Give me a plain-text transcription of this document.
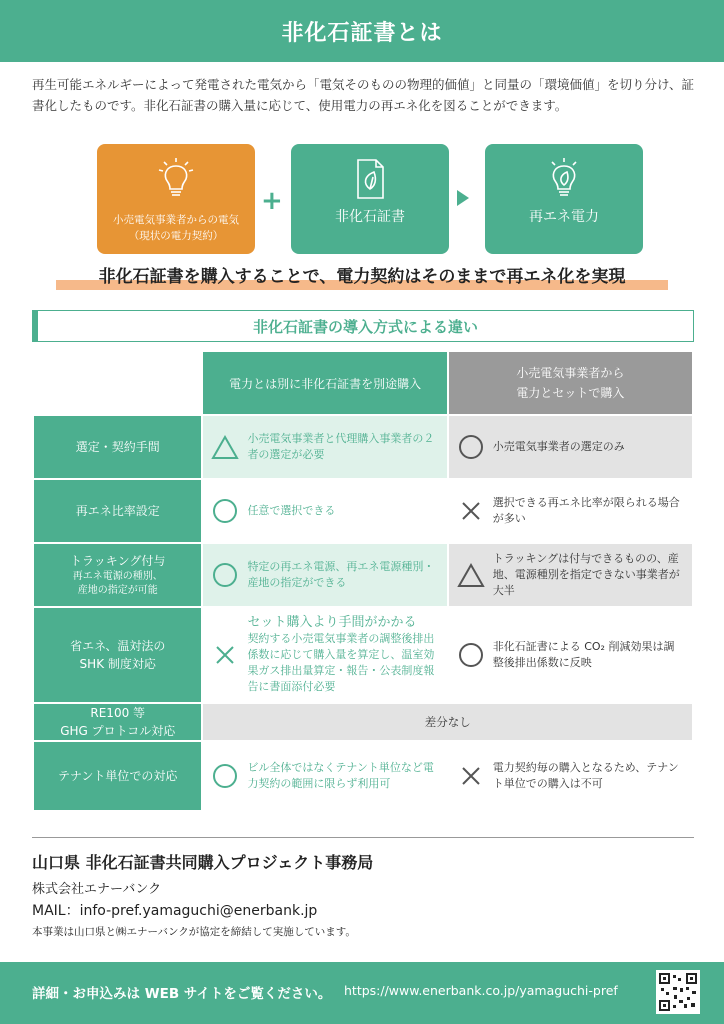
非化石証書とは

再生可能エネルギーによって発電された電気から「電気そのものの物理的価値」と同量の「環境価値」を切り分け、証書化したものです。非化石証書の購入量に応じて、使用電力の再エネ化を図ることができます。

小売電気事業者からの電気
（現状の電力契約）
+
非化石証書	再エネ電力
非化石証書を購入することで、電力契約はそのままで再エネ化を実現
非化石証書の導入方式による違い
	電力とは別に非化石証書を別途購入	小売電気事業者から
電力とセットで購入
選定・契約手間	小売電気事業者と代理購入事業者の２者の選定が必要	小売電気事業者の選定のみ

再エネ比率設定	任意で選択できる	選択できる再エネ比率が限られる場合が多い

トラッキング付与
再エネ電源の種別、
産地の指定が可能	特定の再エネ電源、再エネ電源種別・産地の指定ができる	トラッキングは付与できるものの、産地、電源種別を指定できない事業者が大半

省エネ、温対法の
SHK 制度対応	セット購入より手間がかかる
契約する小売電気事業者の調整後排出係数に応じて購入量を算定し、温室効果ガス排出量算定・報告・公表制度報告に書面添付必要	非化石証書による CO₂ 削減効果は調整後排出係数に反映

RE100 等
GHG プロトコル対応	差分なし	
テナント単位での対応	ビル全体ではなくテナント単位など電力契約の範囲に限らず利用可	電力契約毎の購入となるため、テナント単位での購入は不可
山口県 非化石証書共同購入プロジェクト事務局
株式会社エナーバンク
MAIL：info-pref.yamaguchi@enerbank.jp
本事業は山口県と㈱エナーバンクが協定を締結して実施しています。
詳細・お申込みは WEB サイトをご覧ください。 https://www.enerbank.co.jp/yamaguchi-pref
